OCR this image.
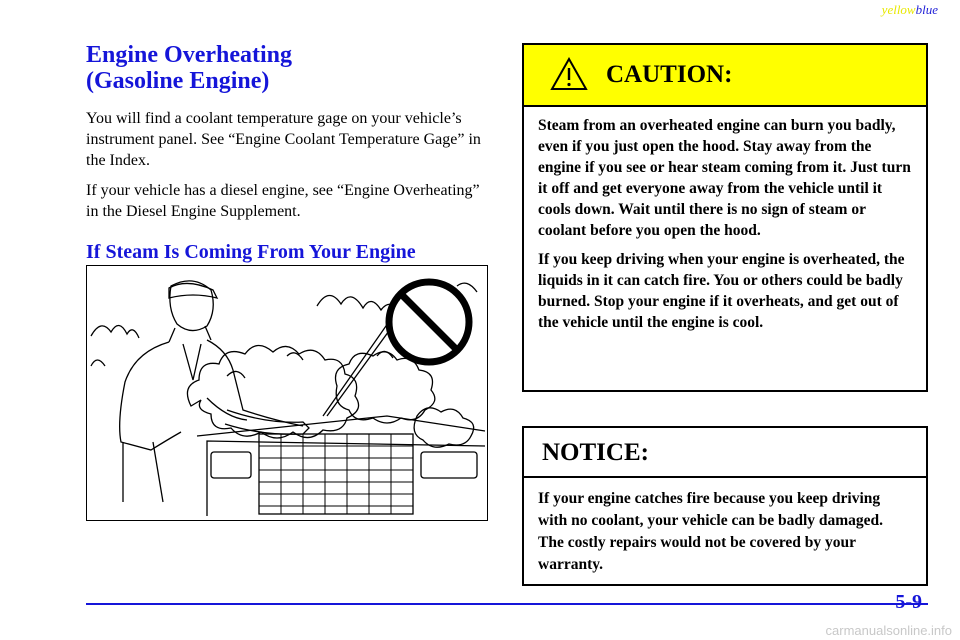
yellowblue
Engine Overheating
(Gasoline Engine)

You will find a coolant temperature gage on your vehicle’s instrument panel. See “Engine Coolant Temperature Gage” in the Index.

If your vehicle has a diesel engine, see “Engine Overheating” in the Diesel Engine Supplement.

If Steam Is Coming From Your Engine
CAUTION:

Steam from an overheated engine can burn you badly, even if you just open the hood. Stay away from the engine if you see or hear steam coming from it. Just turn it off and get everyone away from the vehicle until it cools down. Wait until there is no sign of steam or coolant before you open the hood.

If you keep driving when your engine is overheated, the liquids in it can catch fire. You or others could be badly burned. Stop your engine if it overheats, and get out of the vehicle until the engine is cool.

NOTICE:
If your engine catches fire because you keep driving with no coolant, your vehicle can be badly damaged. The costly repairs would not be covered by your warranty.
5-9
carmanualsonline.info
